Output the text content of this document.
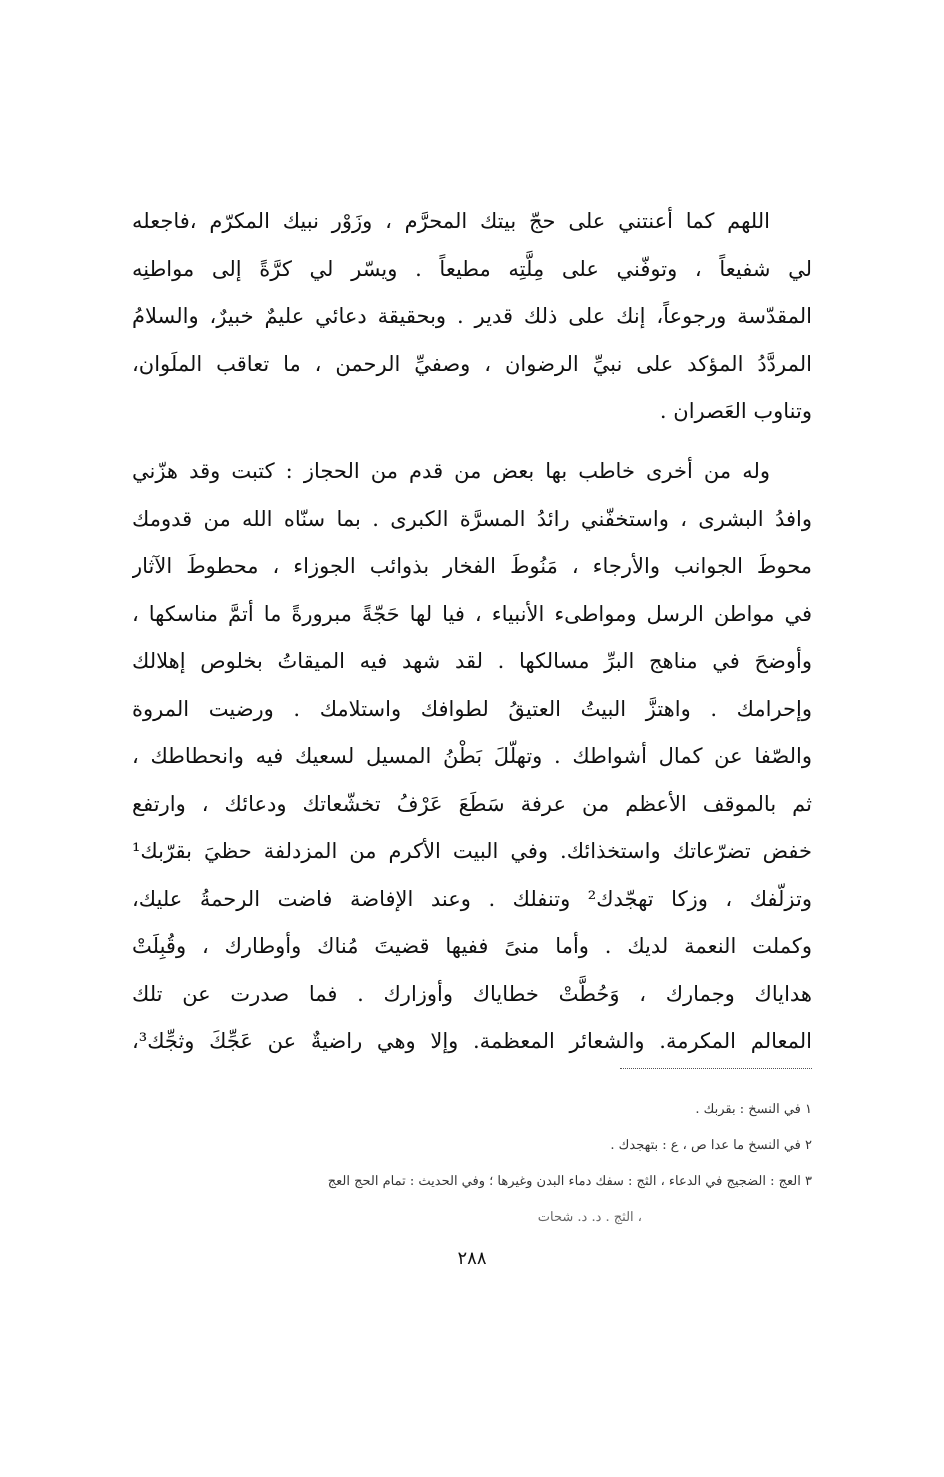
اللهم كما أعنتني على حجّ بيتك المحرَّم ، وزَوْر نبيك المكرّم ،فاجعله
لي شفيعاً ، وتوفّني على مِلَّتِه مطيعاً . ويسّر لي كرَّةً إلى مواطنِه
المقدّسة ورجوعاً، إنك على ذلك قدير . وبحقيقة دعائي عليمٌ خبيرٌ، والسلامُ
المردَّدُ المؤكد على نبيِّ الرضوان ، وصفيِّ الرحمن ، ما تعاقب الملَوان،
وتناوب العَصران .
وله من أخرى خاطب بها بعض من قدم من الحجاز : كتبت وقد هزّني
وافدُ البشرى ، واستخفّني رائدُ المسرَّة الكبرى . بما سنّاه الله من قدومك
محوطَ الجوانب والأرجاء ، مَنُوطَ الفخار بذوائب الجوزاء ، محطوطَ الآثار
في مواطن الرسل ومواطىء الأنبياء ، فيا لها حَجّةً مبرورةً ما أتمَّ مناسكها ،
وأوضحَ في مناهج البرِّ مسالكها . لقد شهد فيه الميقاتُ بخلوص إهلالك
وإحرامك . واهتزَّ البيتُ العتيقُ لطوافك واستلامك . ورضيت المروة
والصّفا عن كمال أشواطك . وتهلّلَ بَطْنُ المسيل لسعيك فيه وانحطاطك ،
ثم بالموقف الأعظم من عرفة سَطَعَ عَرْفُ تخشّعاتك ودعائك ، وارتفع
خفض تضرّعاتك واستخذائك. وفي البيت الأكرم من المزدلفة حظيَ بقرّبك¹
وتزلّفك ، وزكا تهجّدك² وتنفلك . وعند الإفاضة فاضت الرحمةُ عليك،
وكملت النعمة لديك . وأما منىً ففيها قضيتَ مُناك وأوطارك ، وقُبِلَتْ
هداياك وجمارك ، وَحُطَّتْ خطاياك وأوزارك . فما صدرت عن تلك
المعالم المكرمة. والشعائر المعظمة. وإلا وهي راضيةٌ عن عَجِّكَ وثجِّك³،
١ في النسخ : بقربك .
٢ في النسخ ما عدا ص ، ع : بتهجدك .
٣ العج : الضجيج في الدعاء ، الثج : سفك دماء البدن وغيرها ؛ وفي الحديث : تمام الحج العج
، الثج . د. د. شحات
٢٨٨
